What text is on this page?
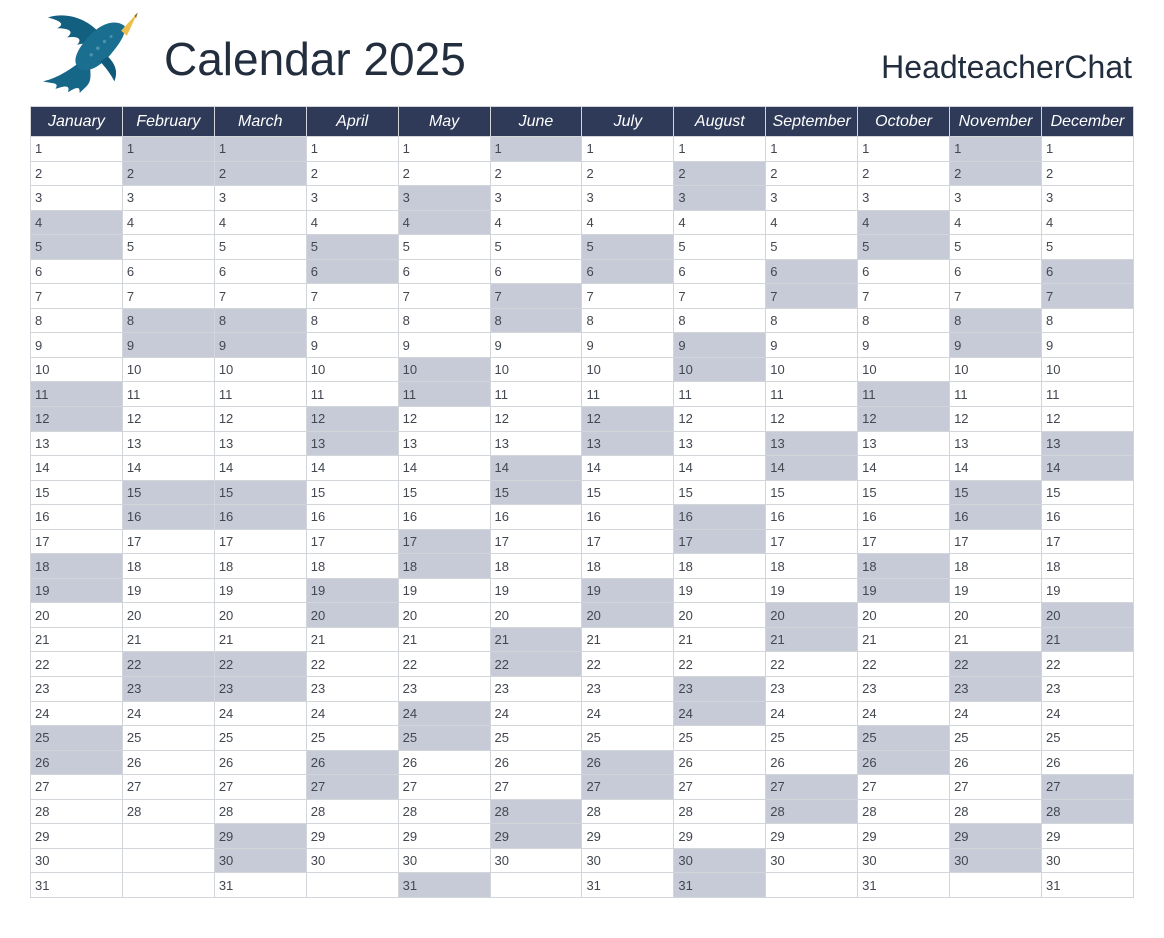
Calendar 2025	HeadteacherChat
January	February	March	April	May	June	July	August	September	October	November	December
1	1	1	1	1	1	1	1	1	1	1	1
2	2	2	2	2	2	2	2	2	2	2	2
3	3	3	3	3	3	3	3	3	3	3	3
4	4	4	4	4	4	4	4	4	4	4	4
5	5	5	5	5	5	5	5	5	5	5	5
6	6	6	6	6	6	6	6	6	6	6	6
7	7	7	7	7	7	7	7	7	7	7	7
8	8	8	8	8	8	8	8	8	8	8	8
9	9	9	9	9	9	9	9	9	9	9	9
10	10	10	10	10	10	10	10	10	10	10	10
11	11	11	11	11	11	11	11	11	11	11	11
12	12	12	12	12	12	12	12	12	12	12	12
13	13	13	13	13	13	13	13	13	13	13	13
14	14	14	14	14	14	14	14	14	14	14	14
15	15	15	15	15	15	15	15	15	15	15	15
16	16	16	16	16	16	16	16	16	16	16	16
17	17	17	17	17	17	17	17	17	17	17	17
18	18	18	18	18	18	18	18	18	18	18	18
19	19	19	19	19	19	19	19	19	19	19	19
20	20	20	20	20	20	20	20	20	20	20	20
21	21	21	21	21	21	21	21	21	21	21	21
22	22	22	22	22	22	22	22	22	22	22	22
23	23	23	23	23	23	23	23	23	23	23	23
24	24	24	24	24	24	24	24	24	24	24	24
25	25	25	25	25	25	25	25	25	25	25	25
26	26	26	26	26	26	26	26	26	26	26	26
27	27	27	27	27	27	27	27	27	27	27	27
28	28	28	28	28	28	28	28	28	28	28	28
29		29	29	29	29	29	29	29	29	29	29
30		30	30	30	30	30	30	30	30	30	30
31		31		31		31	31		31		31
